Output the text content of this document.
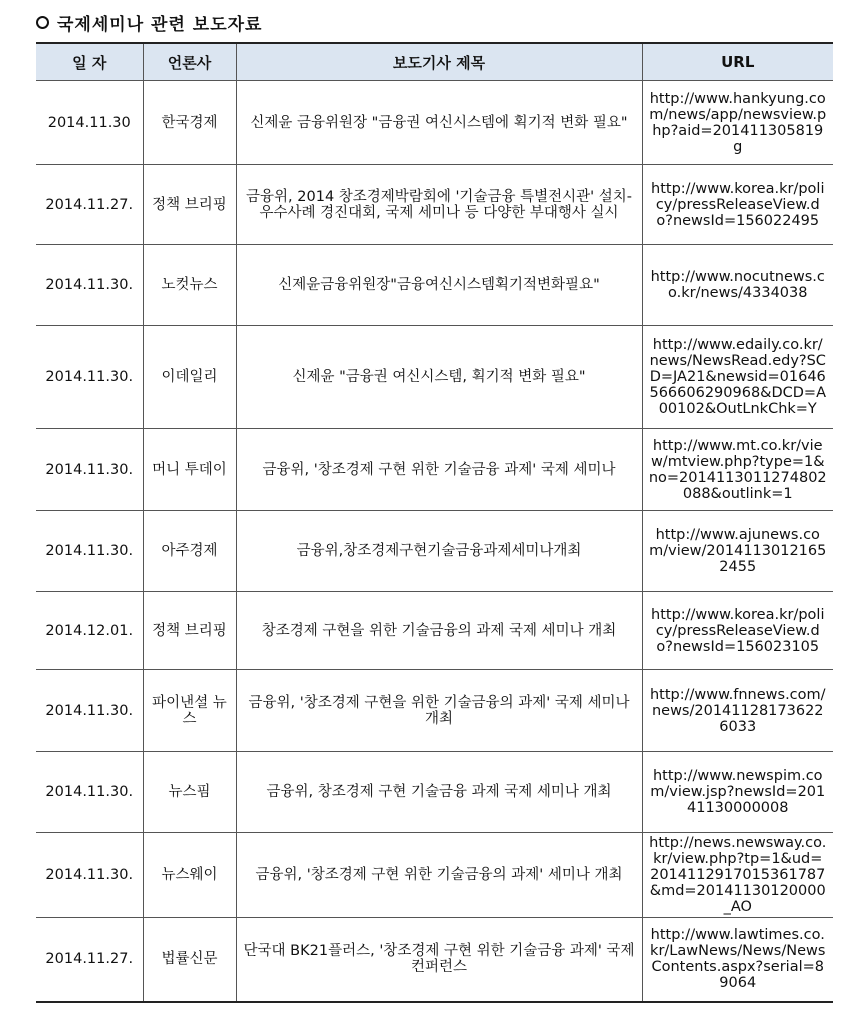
국제세미나 관련 보도자료
일 자	언론사	보도기사 제목	URL
2014.11.30	한국경제	신제윤 금융위원장 "금융권 여신시스템에 획기적 변화 필요"	http://www.hankyung.com/news/app/newsview.php?aid=201411305819g
2014.11.27.	정책 브리핑	금융위, 2014 창조경제박람회에 '기술금융 특별전시관' 설치- 우수사례 경진대회, 국제 세미나 등 다양한 부대행사 실시	http://www.korea.kr/policy/pressReleaseView.do?newsId=156022495
2014.11.30.	노컷뉴스	신제윤금융위원장"금융여신시스템획기적변화필요"	http://www.nocutnews.co.kr/news/4334038
2014.11.30.	이데일리	신제윤 "금융권 여신시스템, 획기적 변화 필요"	http://www.edaily.co.kr/news/NewsRead.edy?SCD=JA21&newsid=0164656660629096​8&DCD=A00102&OutLnkChk=Y
2014.11.30.	머니 투데이	금융위, '창조경제 구현 위한 기술금융 과제' 국제 세미나	http://www.mt.co.kr/view/mtview.php?type=1&no=2014113011274802088&outlink=1
2014.11.30.	아주경제	금융위,창조경제구현기술금융과제세미나개최	http://www.ajunews.com/view/20141130121652455
2014.12.01.	정책 브리핑	창조경제 구현을 위한 기술금융의 과제 국제 세미나 개최	http://www.korea.kr/policy/pressReleaseView.do?newsId=156023105
2014.11.30.	파이낸셜 뉴스	금융위, '창조경제 구현을 위한 기술금융의 과제' 국제 세미나 개최	http://www.fnnews.com/news/201411281736226033
2014.11.30.	뉴스핌	금융위, 창조경제 구현 기술금융 과제 국제 세미나 개최	http://www.newspim.com/view.jsp?newsId=20141130000008
2014.11.30.	뉴스웨이	금융위, '창조경제 구현 위한 기술금융의 과제' 세미나 개최	http://news.newsway.co.kr/view.php?tp=1&ud=2014112917015361787&md=20141130120000_AO
2014.11.27.	법률신문	단국대 BK21플러스, '창조경제 구현 위한 기술금융 과제' 국제 컨퍼런스	http://www.lawtimes.co.kr/LawNews/News/NewsContents.aspx?serial=89064
